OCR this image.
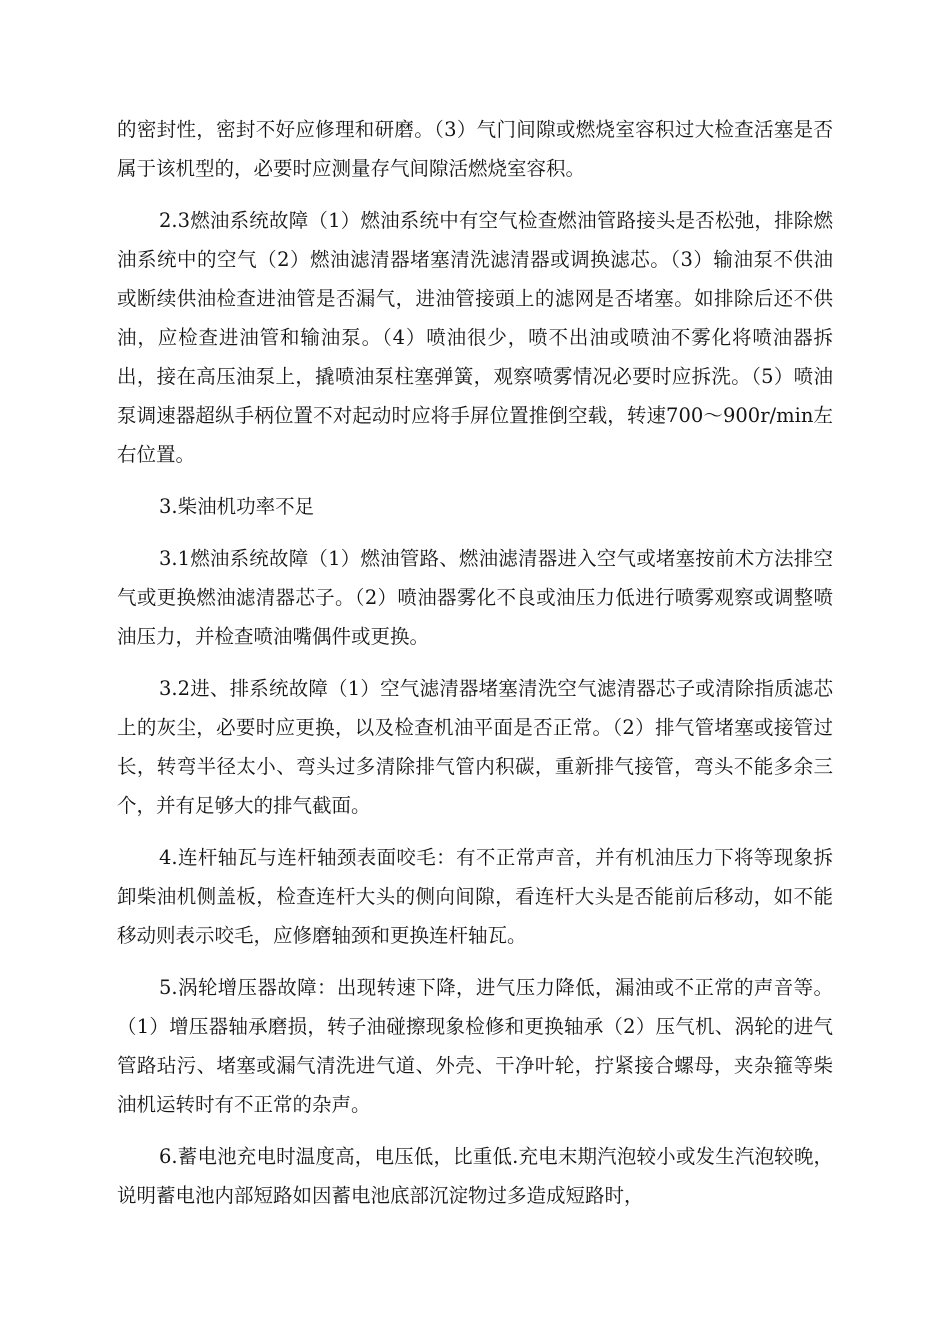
的密封性，密封不好应修理和研磨。（3）气门间隙或燃烧室容积过大检查活塞是否属于该机型的，必要时应测量存气间隙活燃烧室容积。

2.3燃油系统故障（1）燃油系统中有空气检查燃油管路接头是否松弛，排除燃油系统中的空气（2）燃油滤清器堵塞清洗滤清器或调换滤芯。（3）输油泵不供油或断续供油检查进油管是否漏气，进油管接頭上的滤网是否堵塞。如排除后还不供油，应检查进油管和输油泵。（4）喷油很少，喷不出油或喷油不雾化将喷油器拆出，接在高压油泵上，撬喷油泵柱塞弹簧，观察喷雾情况必要时应拆洗。（5）喷油泵调速器超纵手柄位置不对起动时应将手屏位置推倒空载，转速700～900r/min左右位置。

3.柴油机功率不足

3.1燃油系统故障（1）燃油管路、燃油滤清器进入空气或堵塞按前术方法排空气或更换燃油滤清器芯子。（2）喷油器雾化不良或油压力低进行喷雾观察或调整喷油压力，并检查喷油嘴偶件或更换。

3.2进、排系统故障（1）空气滤清器堵塞清洗空气滤清器芯子或清除指质滤芯上的灰尘，必要时应更换，以及检查机油平面是否正常。（2）排气管堵塞或接管过长，转弯半径太小、弯头过多清除排气管内积碳，重新排气接管，弯头不能多余三个，并有足够大的排气截面。

4.连杆轴瓦与连杆轴颈表面咬毛：有不正常声音，并有机油压力下将等现象拆卸柴油机侧盖板，检查连杆大头的侧向间隙，看连杆大头是否能前后移动，如不能移动则表示咬毛，应修磨轴颈和更换连杆轴瓦。

5.涡轮增压器故障：出现转速下降，进气压力降低，漏油或不正常的声音等。（1）增压器轴承磨损，转子油碰擦现象检修和更换轴承（2）压气机、涡轮的进气管路玷污、堵塞或漏气清洗进气道、外壳、干净叶轮，拧紧接合螺母，夹杂箍等柴油机运转时有不正常的杂声。

6.蓄电池充电时温度高，电压低，比重低.充电末期汽泡较小或发生汽泡较晚，说明蓄电池内部短路如因蓄电池底部沉淀物过多造成短路时，
